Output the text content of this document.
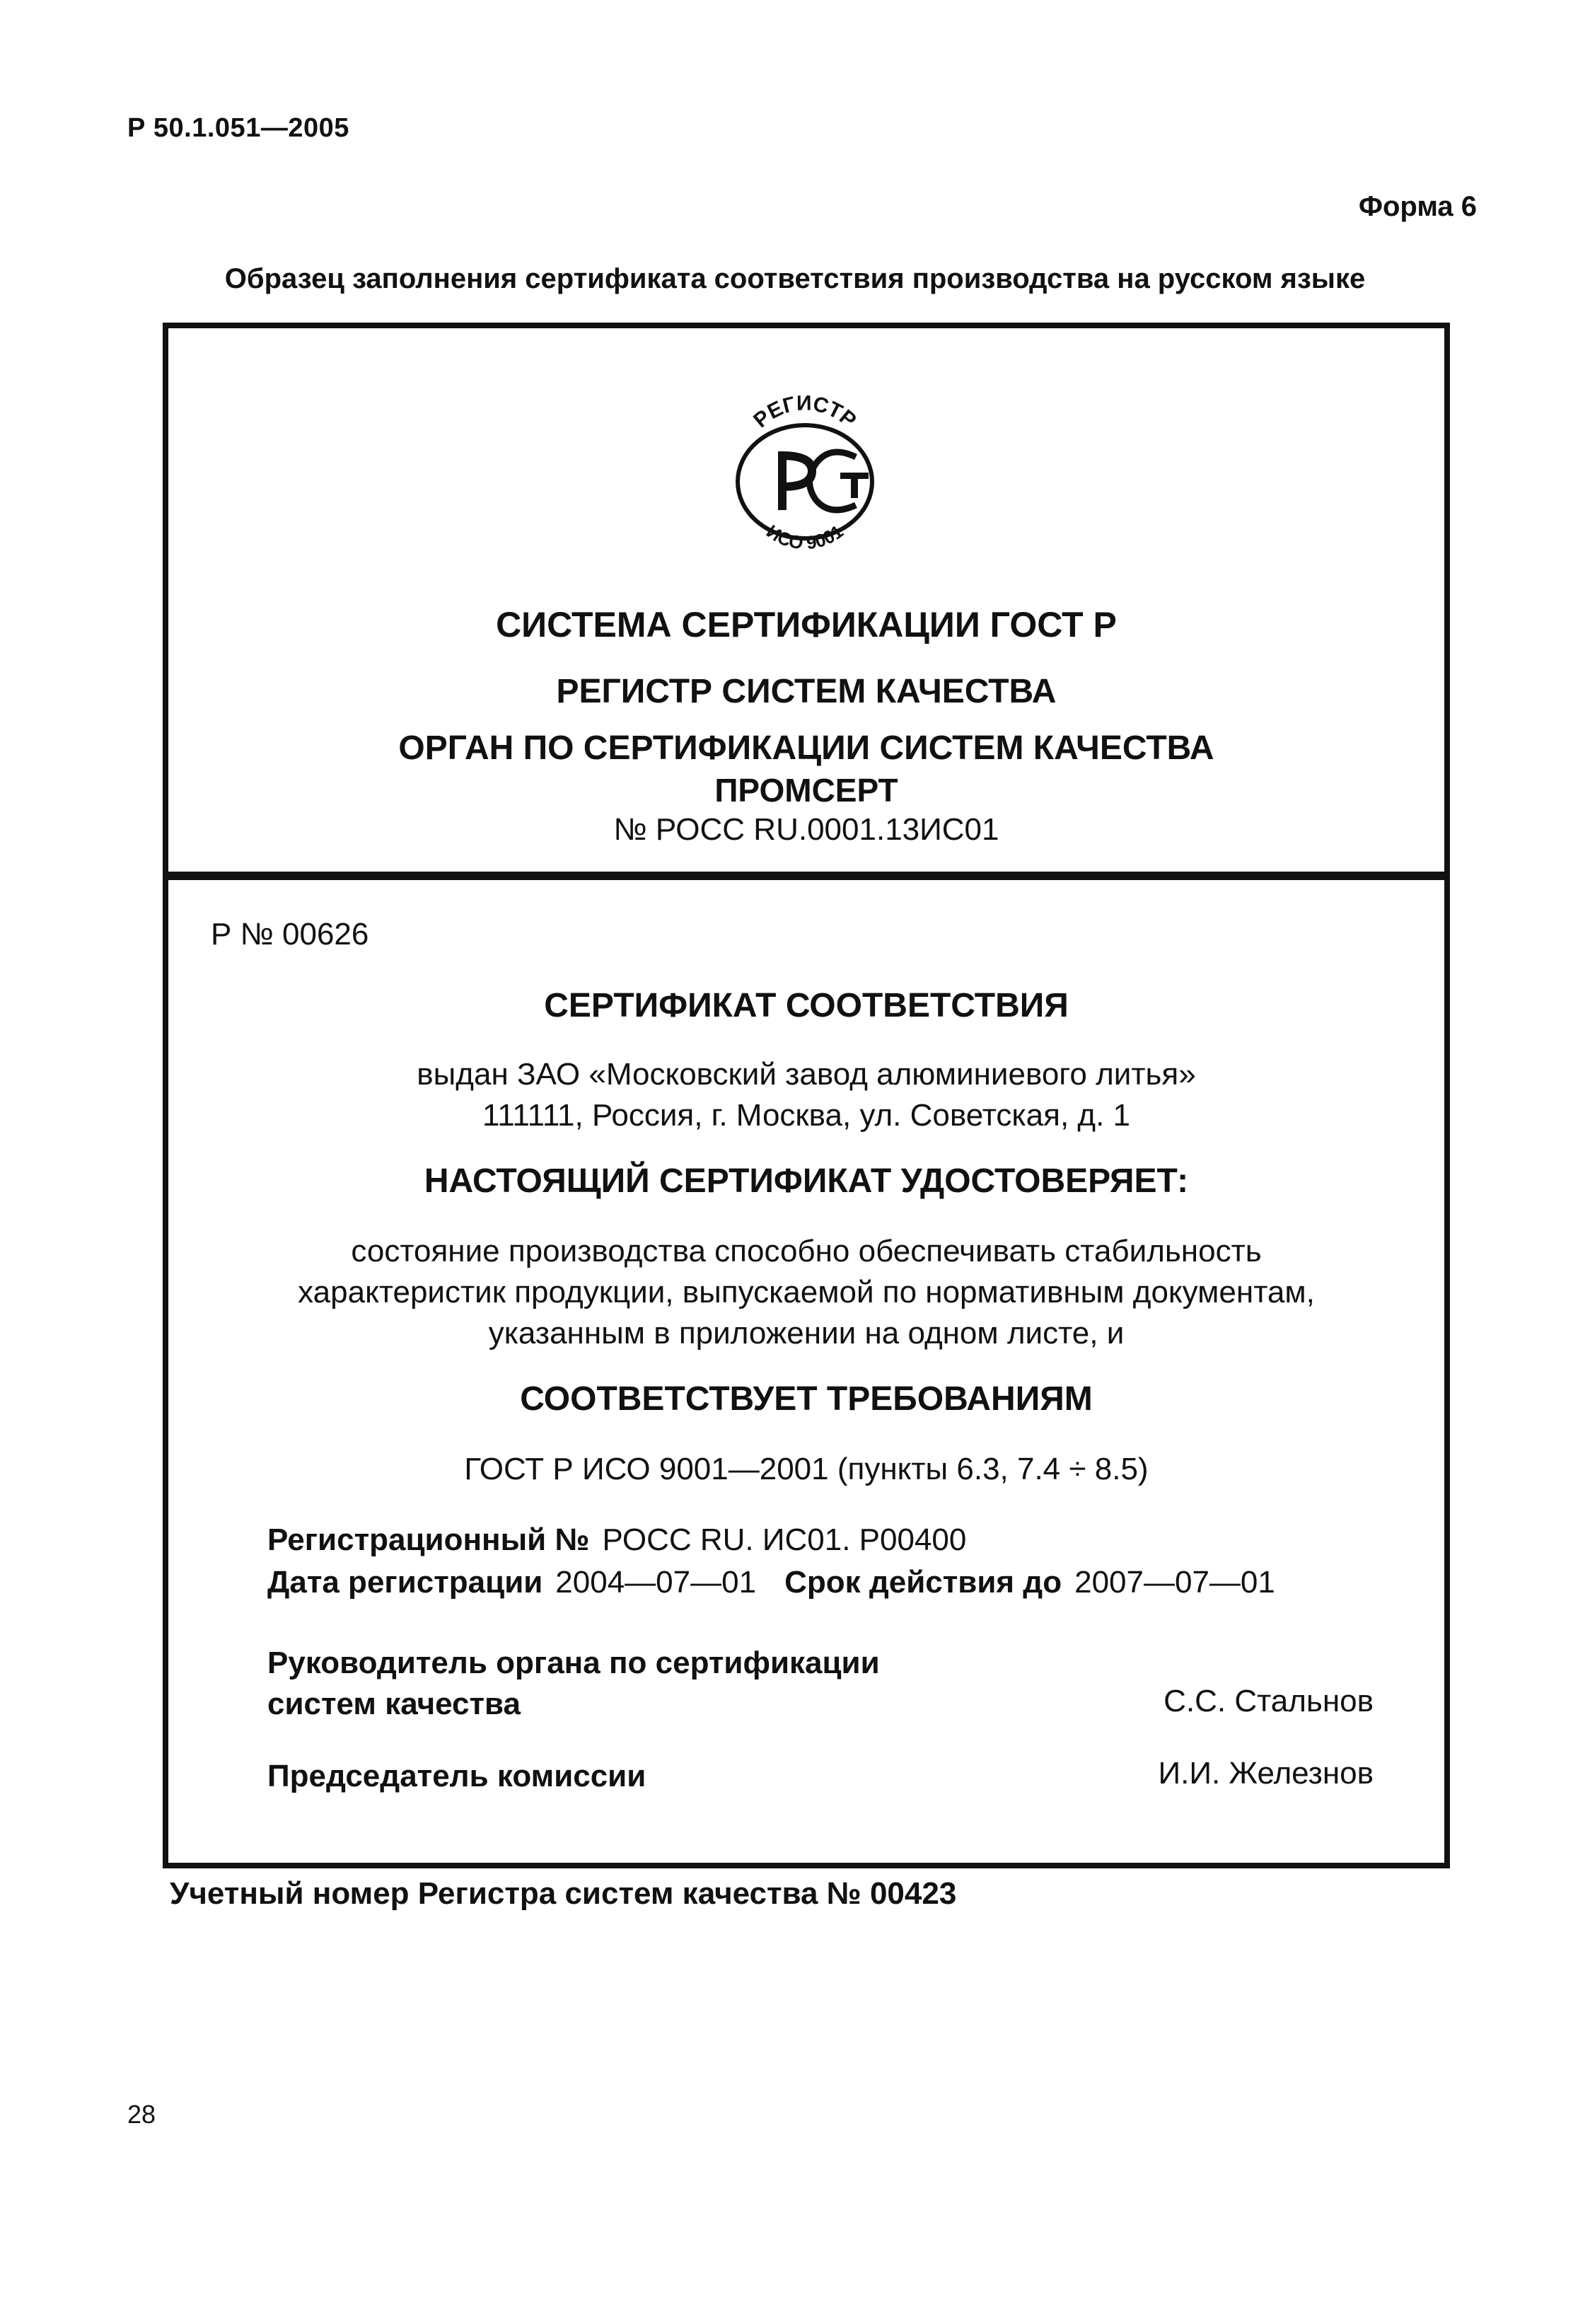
Р 50.1.051—2005
Форма 6
Образец заполнения сертификата соответствия производства на русском языке
РЕГИСТР
ИСО 9001
СИСТЕМА СЕРТИФИКАЦИИ ГОСТ Р
РЕГИСТР СИСТЕМ КАЧЕСТВА
ОРГАН ПО СЕРТИФИКАЦИИ СИСТЕМ КАЧЕСТВА
ПРОМСЕРТ
№ РОСС RU.0001.13ИС01
Р № 00626
СЕРТИФИКАТ СООТВЕТСТВИЯ
выдан ЗАО «Московский завод алюминиевого литья»
111111, Россия, г. Москва, ул. Советская, д. 1
НАСТОЯЩИЙ СЕРТИФИКАТ УДОСТОВЕРЯЕТ:
состояние производства способно обеспечивать стабильность
характеристик продукции, выпускаемой по нормативным документам,
указанным в приложении на одном листе, и
СООТВЕТСТВУЕТ ТРЕБОВАНИЯМ
ГОСТ Р ИСО 9001—2001 (пункты 6.3, 7.4 ÷ 8.5)
Регистрационный № РОСС RU. ИС01. Р00400
Дата регистрации 2004—07—01 Срок действия до 2007—07—01
Руководитель органа по сертификации
систем качества	С.С. Стальнов
Председатель комиссии	И.И. Железнов
Учетный номер Регистра систем качества № 00423
28
